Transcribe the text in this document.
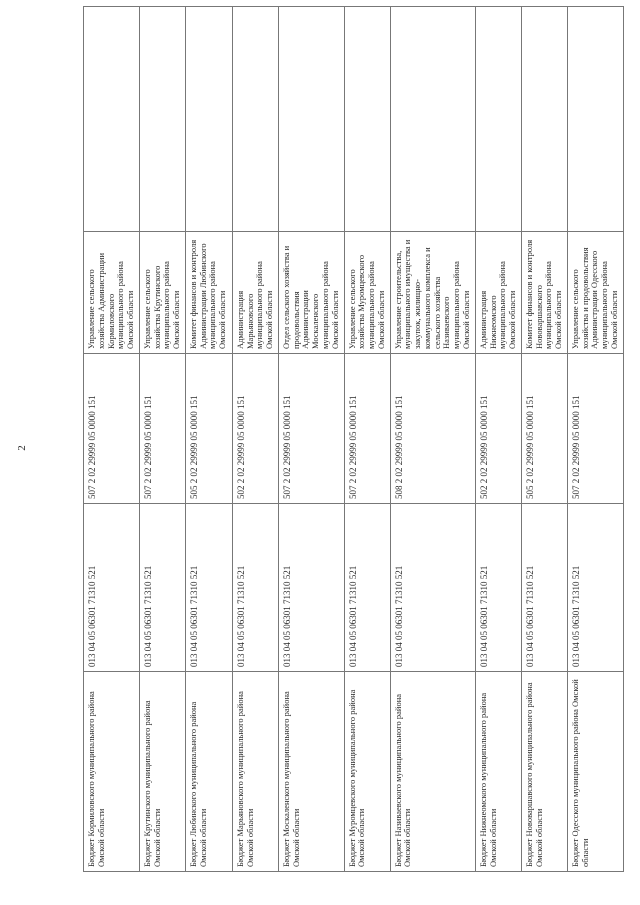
2
Бюджет Кормиловского муниципального района Омской области	013 04 05 06301 71310 521	507 2 02 29999 05 0000 151	Управление сельского хозяйства Администрации Кормиловского муниципального района Омской области	
Бюджет Крутинского муниципального района Омской области	013 04 05 06301 71310 521	507 2 02 29999 05 0000 151	Управление сельского хозяйства Крутинского муниципального района Омской области	
Бюджет Любинского муниципального района Омской области	013 04 05 06301 71310 521	505 2 02 29999 05 0000 151	Комитет финансов и контроля Администрации Любинского муниципального района Омской области	
Бюджет Марьяновского муниципального района Омской области	013 04 05 06301 71310 521	502 2 02 29999 05 0000 151	Администрация Марьяновского муниципального района Омской области	
Бюджет Москаленского муниципального района Омской области	013 04 05 06301 71310 521	507 2 02 29999 05 0000 151	Отдел сельского хозяйства и продовольствия Администрации Москаленского муниципального района Омской области	
Бюджет Муромцевского муниципального района Омской области	013 04 05 06301 71310 521	507 2 02 29999 05 0000 151	Управление сельского хозяйства Муромцевского муниципального района Омской области	
Бюджет Називаевского муниципального района Омской области	013 04 05 06301 71310 521	508 2 02 29999 05 0000 151	Управление строительства, муниципального имущества и закупок, жилищно-коммунального комплекса и сельского хозяйства Називаевского муниципального района Омской области	
Бюджет Нижнеомского муниципального района Омской области	013 04 05 06301 71310 521	502 2 02 29999 05 0000 151	Администрация Нижнеомского муниципального района Омской области	
Бюджет Нововаршавского муниципального района Омской области	013 04 05 06301 71310 521	505 2 02 29999 05 0000 151	Комитет финансов и контроля Нововаршавского муниципального района Омской области	
Бюджет Одесского муниципального района Омской области	013 04 05 06301 71310 521	507 2 02 29999 05 0000 151	Управление сельского хозяйства и продовольствия Администрации Одесского муниципального района Омской области	
